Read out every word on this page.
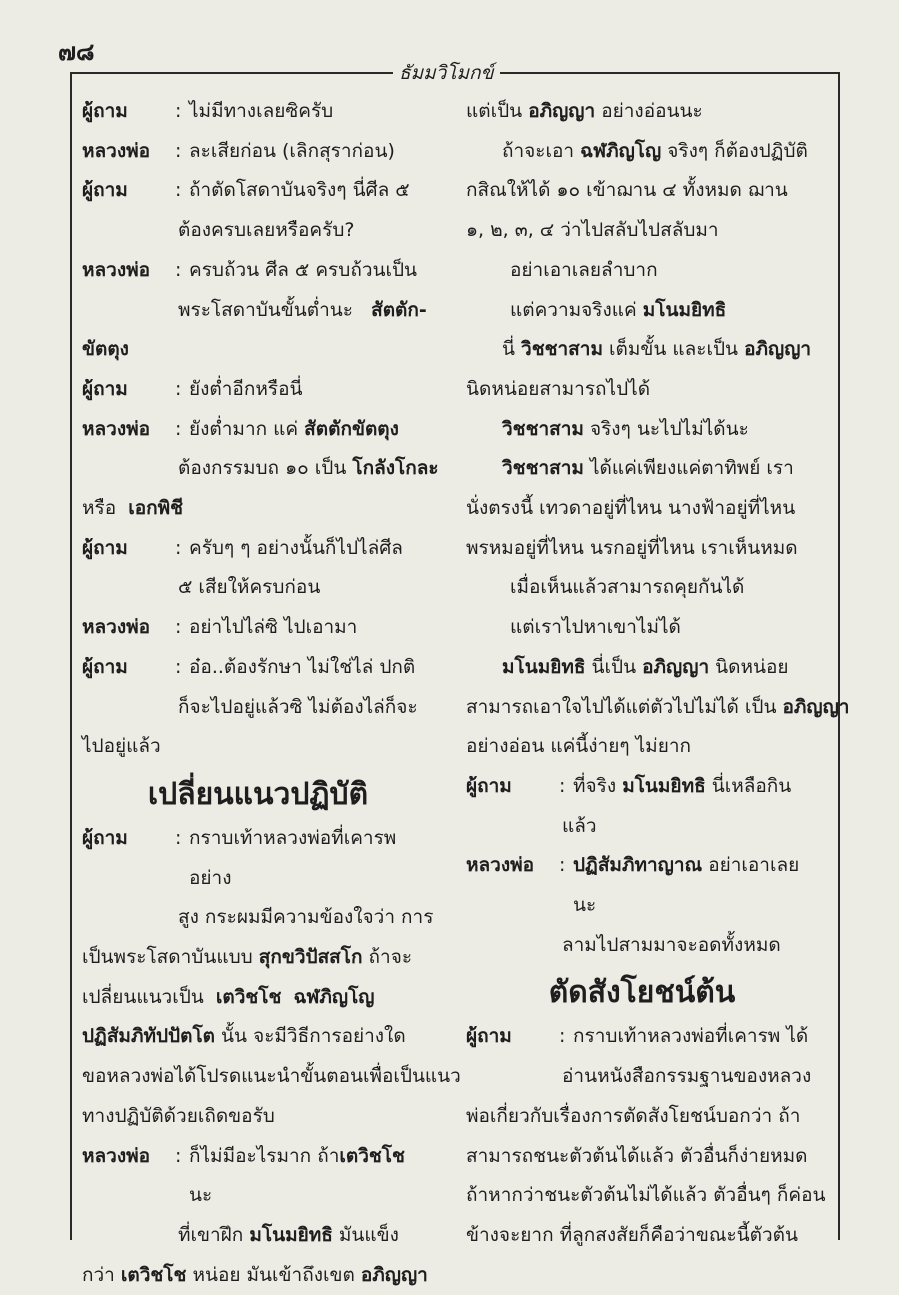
๗๘
ธัมมวิโมกข์
ผู้ถาม	: ไม่มีทางเลยซิครับ
หลวงพ่อ	: ละเสียก่อน (เลิกสุราก่อน)
ผู้ถาม	: ถ้าตัดโสดาบันจริงๆ นี่ศีล ๕
ต้องครบเลยหรือครับ?
หลวงพ่อ	: ครบถ้วน ศีล ๕ ครบถ้วนเป็น
พระโสดาบันขั้นต่ำนะ สัตตัก-
ขัตตุง
ผู้ถาม	: ยังต่ำอีกหรือนี่
หลวงพ่อ	: ยังต่ำมาก แค่ สัตตักขัตตุง
ต้องกรรมบถ ๑๐ เป็น โกลังโกละ
หรือ เอกพิชี
ผู้ถาม	: ครับๆ ๆ อย่างนั้นก็ไปไล่ศีล
๕ เสียให้ครบก่อน
หลวงพ่อ	: อย่าไปไล่ซิ ไปเอามา
ผู้ถาม	: อ๋อ..ต้องรักษา ไม่ใช่ไล่ ปกติ
ก็จะไปอยู่แล้วซิ ไม่ต้องไล่ก็จะ
ไปอยู่แล้ว
เปลี่ยนแนวปฏิบัติ
ผู้ถาม	: กราบเท้าหลวงพ่อที่เคารพอย่าง
สูง กระผมมีความข้องใจว่า การ
เป็นพระโสดาบันแบบ สุกขวิปัสสโก ถ้าจะ
เปลี่ยนแนวเป็น เตวิชโช ฉฬภิญโญ
ปฏิสัมภิทัปปัตโต นั้น จะมีวิธีการอย่างใด
ขอหลวงพ่อได้โปรดแนะนำขั้นตอนเพื่อเป็นแนว
ทางปฏิบัติด้วยเถิดขอรับ
หลวงพ่อ	: ก็ไม่มีอะไรมาก ถ้าเตวิชโช นะ
ที่เขาฝึก มโนมยิทธิ มันแข็ง
กว่า เตวิชโช หน่อย มันเข้าถึงเขต อภิญญา
แต่เป็น อภิญญา อย่างอ่อนนะ
ถ้าจะเอา ฉฬภิญโญ จริงๆ ก็ต้องปฏิบัติ
กสิณให้ได้ ๑๐ เข้าฌาน ๔ ทั้งหมด ฌาน
๑, ๒, ๓, ๔ ว่าไปสลับไปสลับมา
อย่าเอาเลยลำบาก
แต่ความจริงแค่ มโนมยิทธิ
นี่ วิชชาสาม เต็มขั้น และเป็น อภิญญา
นิดหน่อยสามารถไปได้
วิชชาสาม จริงๆ นะไปไม่ได้นะ
วิชชาสาม ได้แค่เพียงแค่ตาทิพย์ เรา
นั่งตรงนี้ เทวดาอยู่ที่ไหน นางฟ้าอยู่ที่ไหน
พรหมอยู่ที่ไหน นรกอยู่ที่ไหน เราเห็นหมด
เมื่อเห็นแล้วสามารถคุยกันได้
แต่เราไปหาเขาไม่ได้
มโนมยิทธิ นี่เป็น อภิญญา นิดหน่อย
สามารถเอาใจไปได้แต่ตัวไปไม่ได้ เป็น อภิญญา
อย่างอ่อน แค่นี้ง่ายๆ ไม่ยาก
ผู้ถาม	: ที่จริง มโนมยิทธิ นี่เหลือกิน
แล้ว
หลวงพ่อ	: ปฏิสัมภิทาญาณ อย่าเอาเลยนะ
ลามไปสามมาจะอดทั้งหมด
ตัดสังโยชน์ต้น
ผู้ถาม	: กราบเท้าหลวงพ่อที่เคารพ ได้
อ่านหนังสือกรรมฐานของหลวง
พ่อเกี่ยวกับเรื่องการตัดสังโยชน์บอกว่า ถ้า
สามารถชนะตัวต้นได้แล้ว ตัวอื่นก็ง่ายหมด
ถ้าหากว่าชนะตัวต้นไม่ได้แล้ว ตัวอื่นๆ ก็ค่อน
ข้างจะยาก ที่ลูกสงสัยก็คือว่าขณะนี้ตัวต้น
